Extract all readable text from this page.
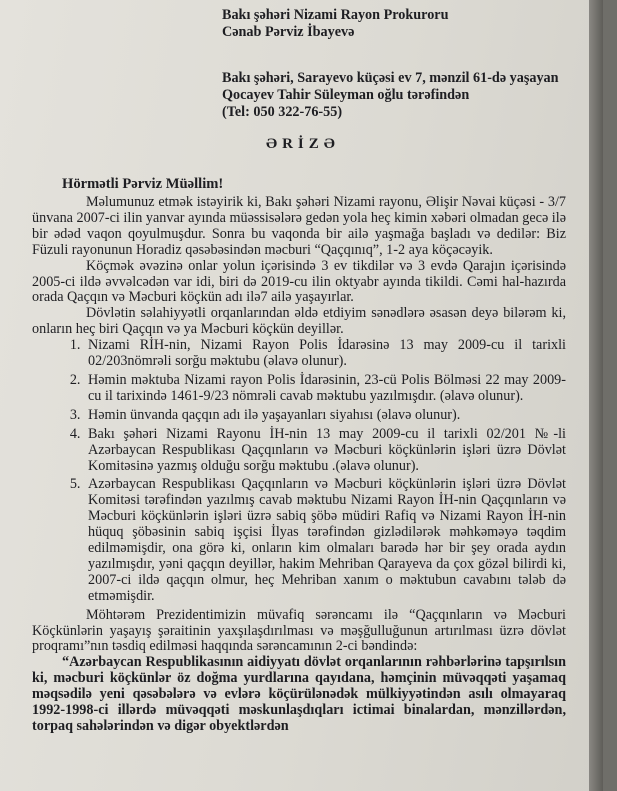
Bakı şəhəri Nizami Rayon Prokuroru
Cənab Pərviz İbayevə
Bakı şəhəri, Sarayevo küçəsi ev 7, mənzil 61-də yaşayan
Qocayev Tahir Süleyman oğlu tərəfindən
(Tel: 050 322-76-55)
ƏRİZƏ
Hörmətli Pərviz Müəllim!

Məlumunuz etmək istəyirik ki, Bakı şəhəri Nizami rayonu, Əlişir Nəvai küçəsi - 3/7 ünvana 2007-ci ilin yanvar ayında müəssisələrə gedən yola heç kimin xəbəri olmadan gecə ilə bir ədəd vaqon qoyulmuşdur. Sonra bu vaqonda bir ailə yaşmağa başladı və dedilər: Biz Füzuli rayonunun Horadiz qəsəbəsindən məcburi “Qaçqınıq”, 1-2 aya köçəcəyik.

Köçmək əvəzinə onlar yolun içərisində 3 ev tikdilər və 3 evdə Qarajın içərisində 2005-ci ildə əvvəlcədən var idi, biri də 2019-cu ilin oktyabr ayında tikildi. Cəmi hal-hazırda orada Qaçqın və Məcburi köçkün adı ilə7 ailə yaşayırlar.

Dövlətin səlahiyyətli orqanlarından əldə etdiyim sənədlərə əsasən deyə bilərəm ki, onların heç biri Qaçqın və ya Məcburi köçkün deyillər.

1. Nizami RİH-nin, Nizami Rayon Polis İdarəsinə 13 may 2009-cu il tarixli 02/203nömrəli sorğu məktubu (əlavə olunur).
2. Həmin məktuba Nizami rayon Polis İdarəsinin, 23-cü Polis Bölməsi 22 may 2009-cu il tarixində 1461-9/23 nömrəli cavab məktubu yazılmışdır. (əlavə olunur).
3. Həmin ünvanda qaçqın adı ilə yaşayanları siyahısı (əlavə olunur).
4. Bakı şəhəri Nizami Rayonu İH-nin 13 may 2009-cu il tarixli 02/201 №-li Azərbaycan Respublikası Qaçqınların və Məcburi köçkünlərin işləri üzrə Dövlət Komitəsinə yazmış olduğu sorğu məktubu .(əlavə olunur).
5. Azərbaycan Respublikası Qaçqınların və Məcburi köçkünlərin işləri üzrə Dövlət Komitəsi tərəfindən yazılmış cavab məktubu Nizami Rayon İH-nin Qaçqınların və Məcburi köçkünlərin işləri üzrə sabiq şöbə müdiri Rafiq və Nizami Rayon İH-nin hüquq şöbəsinin sabiq işçisi İlyas tərəfindən gizlədilərək məhkəməyə təqdim edilməmişdir, ona görə ki, onların kim olmaları barədə hər bir şey orada aydın yazılmışdır, yəni qaçqın deyillər, hakim Mehriban Qarayeva da çox gözəl bilirdi ki, 2007-ci ildə qaçqın olmur, heç Mehriban xanım o məktubun cavabını tələb də etməmişdir.

Möhtərəm Prezidentimizin müvafiq sərəncamı ilə “Qaçqınların və Məcburi Köçkünlərin yaşayış şəraitinin yaxşılaşdırılması və məşğulluğunun artırılması üzrə dövlət proqramı”nın təsdiq edilməsi haqqında sərəncamının 2-ci bəndində:

“Azərbaycan Respublikasının aidiyyatı dövlət orqanlarının rəhbərlərinə tapşırılsın ki, məcburi köçkünlər öz doğma yurdlarına qayıdana, həmçinin müvəqqəti yaşamaq məqsədilə yeni qəsəbələrə və evlərə köçürülənədək mülkiyyətindən asılı olmayaraq 1992-1998-ci illərdə müvəqqəti məskunlaşdıqları ictimai binalardan, mənzillərdən, torpaq sahələrindən və digər obyektlərdən
